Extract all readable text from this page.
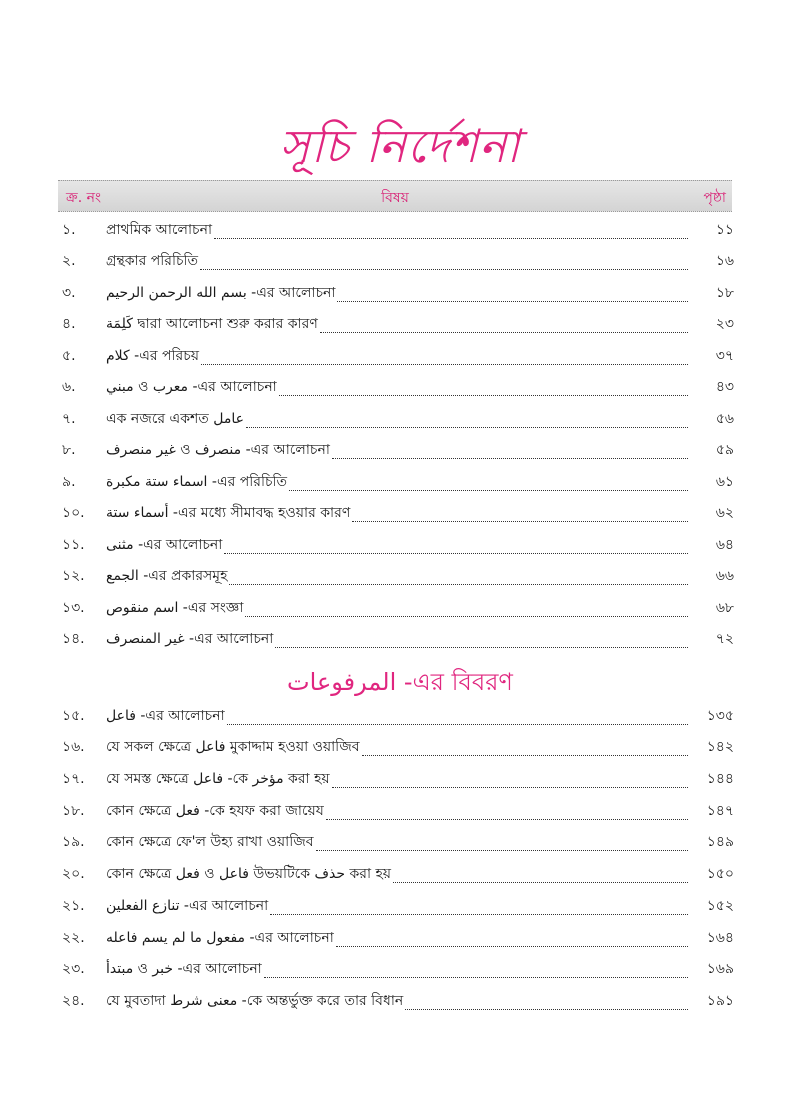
সূচি নির্দেশনা
ক্র. নং	বিষয়	পৃষ্ঠা
১.	প্রাথমিক আলোচনা	১১
২.	গ্রন্থকার পরিচিতি	১৬
৩.	بسم الله الرحمن الرحيم -এর আলোচনা	১৮
৪.	كَلِمَة দ্বারা আলোচনা শুরু করার কারণ	২৩
৫.	كلام -এর পরিচয়	৩৭
৬.	مبني ও معرب -এর আলোচনা	৪৩
৭.	এক নজরে একশত عامل	৫৬
৮.	غير منصرف ও منصرف -এর আলোচনা	৫৯
৯.	اسماء ستة مكبرة -এর পরিচিতি	৬১
১০.	أسماء ستة -এর মধ্যে সীমাবদ্ধ হওয়ার কারণ	৬২
১১.	مثنى -এর আলোচনা	৬৪
১২.	الجمع -এর প্রকারসমূহ	৬৬
১৩.	اسم منقوص -এর সংজ্ঞা	৬৮
১৪.	غير المنصرف -এর আলোচনা	৭২
المرفوعات -এর বিবরণ
১৫.	فاعل -এর আলোচনা	১৩৫
১৬.	যে সকল ক্ষেত্রে فاعل মুকাদ্দাম হওয়া ওয়াজিব	১৪২
১৭.	যে সমস্ত ক্ষেত্রে فاعل -কে مؤخر করা হয়	১৪৪
১৮.	কোন ক্ষেত্রে فعل -কে হযফ করা জায়েয	১৪৭
১৯.	কোন ক্ষেত্রে ফে'ল উহ্য রাখা ওয়াজিব	১৪৯
২০.	কোন ক্ষেত্রে فعل ও فاعل উভয়টিকে حذف করা হয়	১৫০
২১.	تنازع الفعلين -এর আলোচনা	১৫২
২২.	مفعول ما لم يسم فاعله -এর আলোচনা	১৬৪
২৩.	مبتدأ ও خبر -এর আলোচনা	১৬৯
২৪.	যে মুবতাদা معنى شرط -কে অন্তর্ভুক্ত করে তার বিধান	১৯১
